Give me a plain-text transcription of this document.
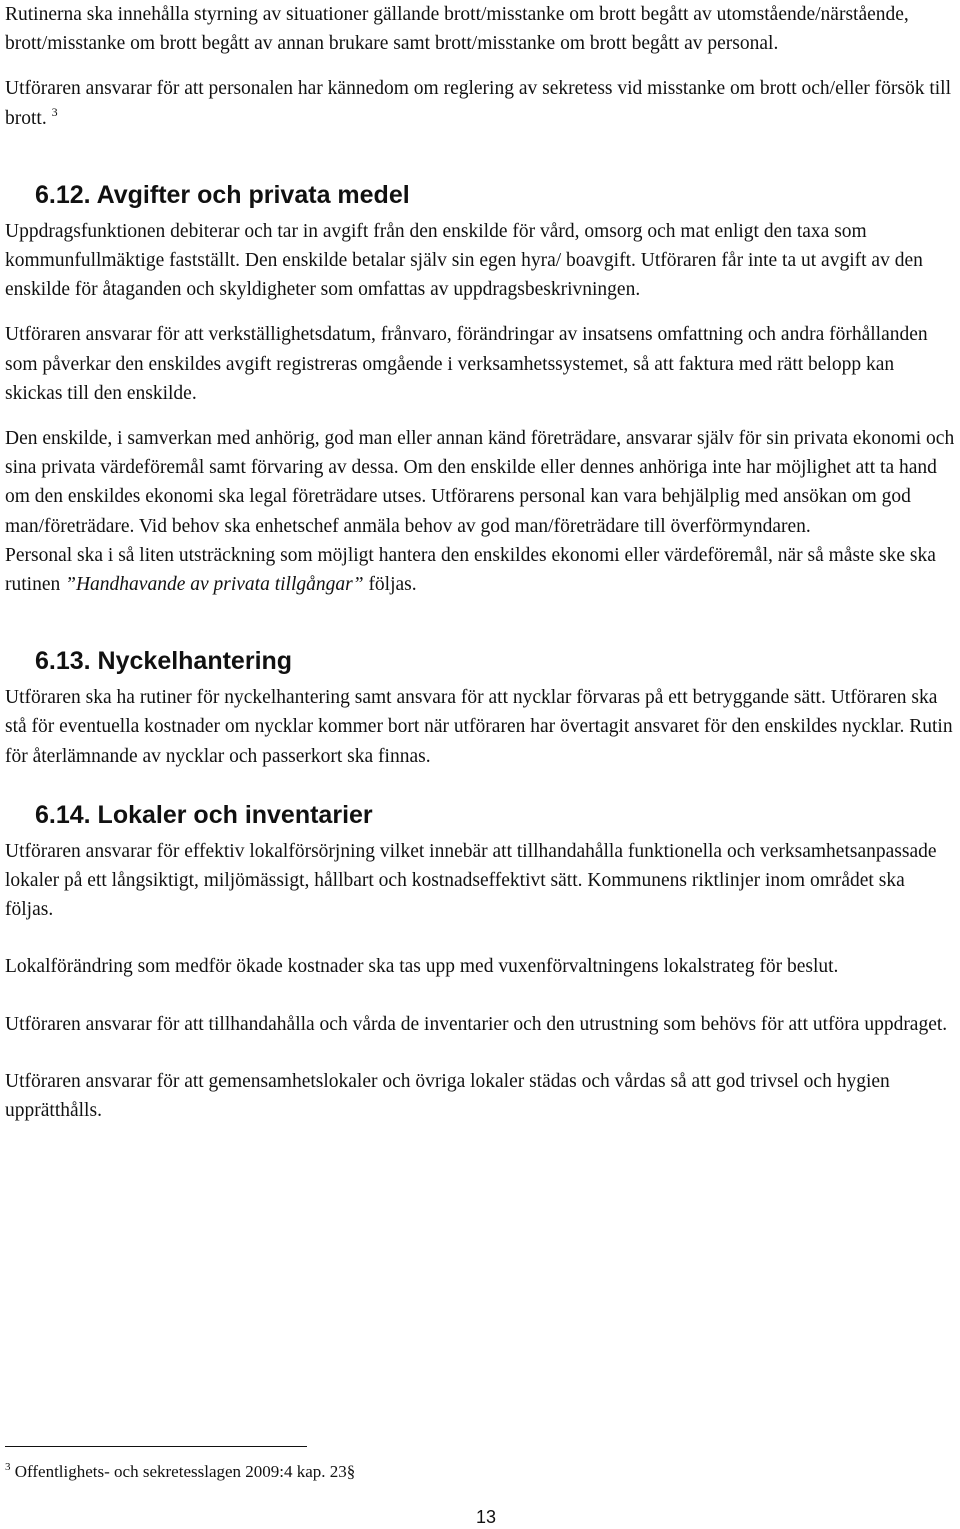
Rutinerna ska innehålla styrning av situationer gällande brott/misstanke om brott begått av utomstående/närstående, brott/misstanke om brott begått av annan brukare samt brott/misstanke om brott begått av personal.

Utföraren ansvarar för att personalen har kännedom om reglering av sekretess vid misstanke om brott och/eller försök till brott. $^3$

6.12. Avgifter och privata medel

Uppdragsfunktionen debiterar och tar in avgift från den enskilde för vård, omsorg och mat enligt den taxa som kommunfullmäktige fastställt. Den enskilde betalar själv sin egen hyra/ boavgift. Utföraren får inte ta ut avgift av den enskilde för åtaganden och skyldigheter som omfattas av uppdragsbeskrivningen.

Utföraren ansvarar för att verkställighetsdatum, frånvaro, förändringar av insatsens omfattning och andra förhållanden som påverkar den enskildes avgift registreras omgående i verksamhetssystemet, så att faktura med rätt belopp kan skickas till den enskilde.

Den enskilde, i samverkan med anhörig, god man eller annan känd företrädare, ansvarar själv för sin privata ekonomi och sina privata värdeföremål samt förvaring av dessa. Om den enskilde eller dennes anhöriga inte har möjlighet att ta hand om den enskildes ekonomi ska legal företrädare utses. Utförarens personal kan vara behjälplig med ansökan om god man/företrädare. Vid behov ska enhetschef anmäla behov av god man/företrädare till överförmyndaren.

Personal ska i så liten utsträckning som möjligt hantera den enskildes ekonomi eller värdeföremål, när så måste ske ska rutinen ”Handhavande av privata tillgångar” följas.

6.13. Nyckelhantering

Utföraren ska ha rutiner för nyckelhantering samt ansvara för att nycklar förvaras på ett betryggande sätt. Utföraren ska stå för eventuella kostnader om nycklar kommer bort när utföraren har övertagit ansvaret för den enskildes nycklar. Rutin för återlämnande av nycklar och passerkort ska finnas.

6.14. Lokaler och inventarier

Utföraren ansvarar för effektiv lokalförsörjning vilket innebär att tillhandahålla funktionella och verksamhetsanpassade lokaler på ett långsiktigt, miljömässigt, hållbart och kostnadseffektivt sätt. Kommunens riktlinjer inom området ska följas.

Lokalförändring som medför ökade kostnader ska tas upp med vuxenförvaltningens lokalstrateg för beslut.

Utföraren ansvarar för att tillhandahålla och vårda de inventarier och den utrustning som behövs för att utföra uppdraget.

Utföraren ansvarar för att gemensamhetslokaler och övriga lokaler städas och vårdas så att god trivsel och hygien upprätthålls.

$^3$ Offentlighets- och sekretesslagen 2009:4 kap. 23§
13
